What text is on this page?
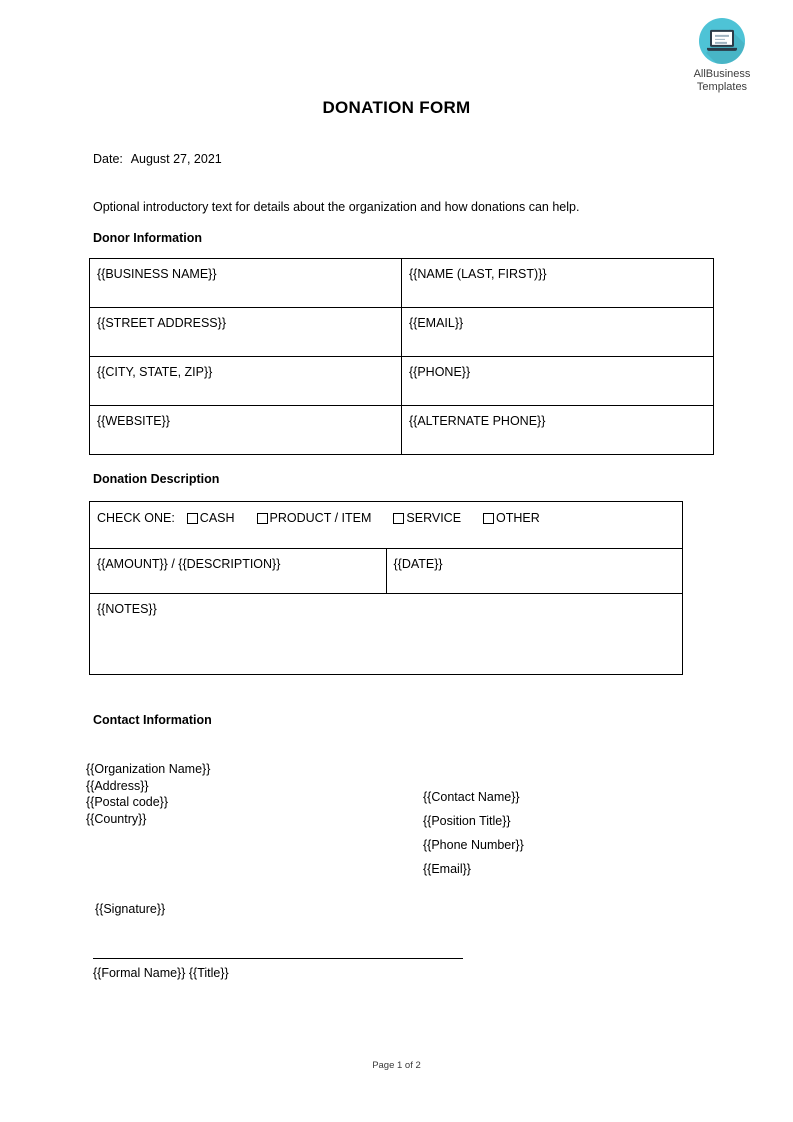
AllBusiness
Templates
DONATION FORM
Date: August 27, 2021
Optional introductory text for details about the organization and how donations can help.
Donor Information
{{BUSINESS NAME}}	{{NAME (LAST, FIRST)}}
{{STREET ADDRESS}}	{{EMAIL}}
{{CITY, STATE, ZIP}}	{{PHONE}}
{{WEBSITE}}	{{ALTERNATE PHONE}}
Donation Description
CHECK ONE: CASH	PRODUCT / ITEM	SERVICE	OTHER

{{AMOUNT}} / {{DESCRIPTION}}	{{DATE}}
{{NOTES}}
Contact Information
{{Organization Name}}
{{Address}}
{{Postal code}}
{{Country}}
{{Contact Name}}
{{Position Title}}
{{Phone Number}}
{{Email}}
{{Signature}}
{{Formal Name}} {{Title}}
Page 1 of 2
